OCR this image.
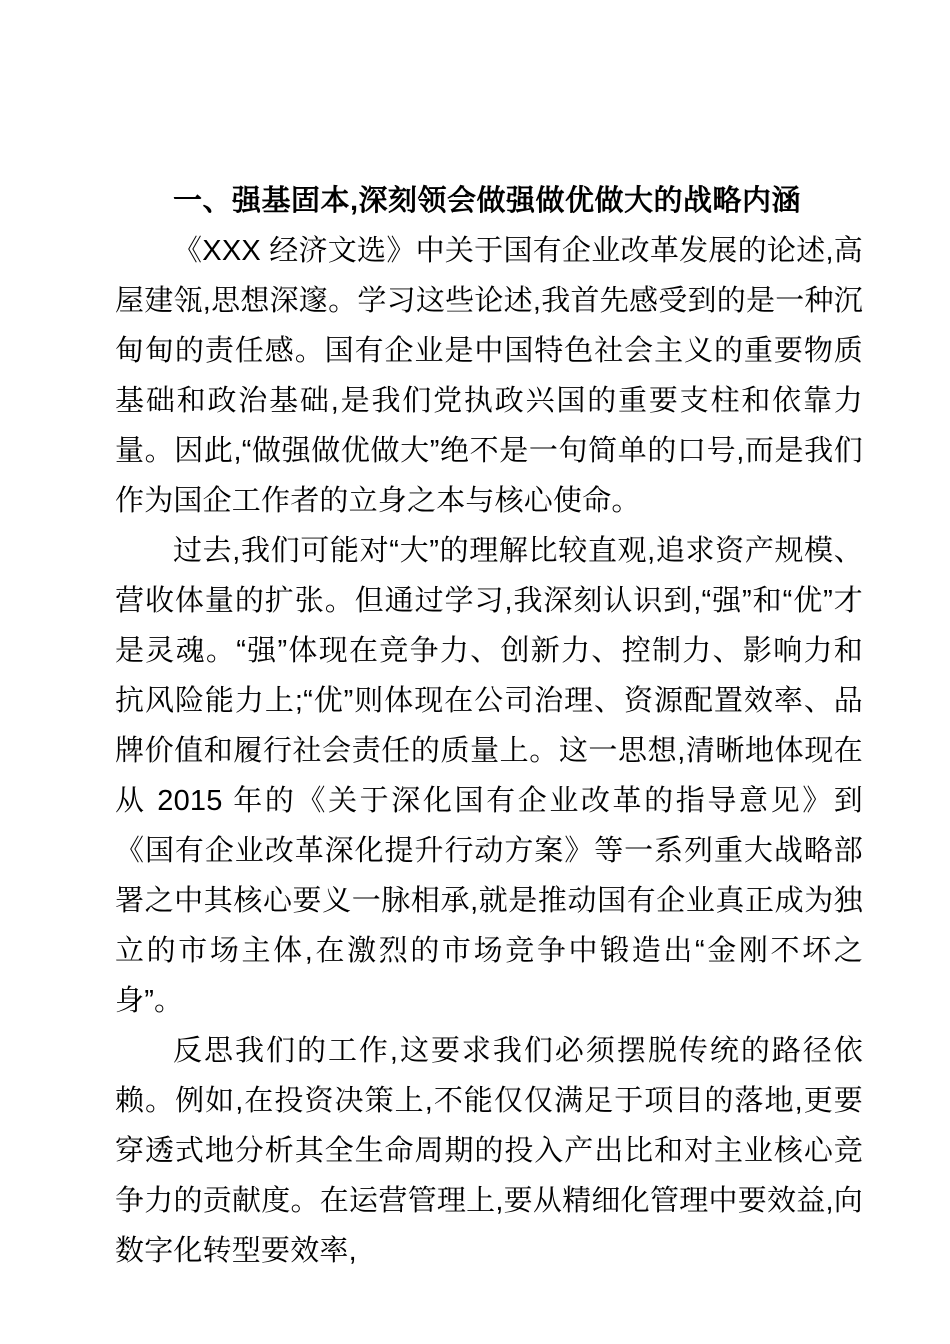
一、强基固本,深刻领会做强做优做大的战略内涵

《XXX 经济文选》中关于国有企业改革发展的论述,高屋建瓴,思想深邃。学习这些论述,我首先感受到的是一种沉甸甸的责任感。国有企业是中国特色社会主义的重要物质基础和政治基础,是我们党执政兴国的重要支柱和依靠力量。因此,“做强做优做大”绝不是一句简单的口号,而是我们作为国企工作者的立身之本与核心使命。

过去,我们可能对“大”的理解比较直观,追求资产规模、营收体量的扩张。但通过学习,我深刻认识到,“强”和“优”才是灵魂。“强”体现在竞争力、创新力、控制力、影响力和抗风险能力上;“优”则体现在公司治理、资源配置效率、品牌价值和履行社会责任的质量上。这一思想,清晰地体现在从 2015 年的《关于深化国有企业改革的指导意见》到《国有企业改革深化提升行动方案》等一系列重大战略部署之中其核心要义一脉相承,就是推动国有企业真正成为独立的市场主体,在激烈的市场竞争中锻造出“金刚不坏之身”。

反思我们的工作,这要求我们必须摆脱传统的路径依赖。例如,在投资决策上,不能仅仅满足于项目的落地,更要穿透式地分析其全生命周期的投入产出比和对主业核心竞争力的贡献度。在运营管理上,要从精细化管理中要效益,向数字化转型要效率,
